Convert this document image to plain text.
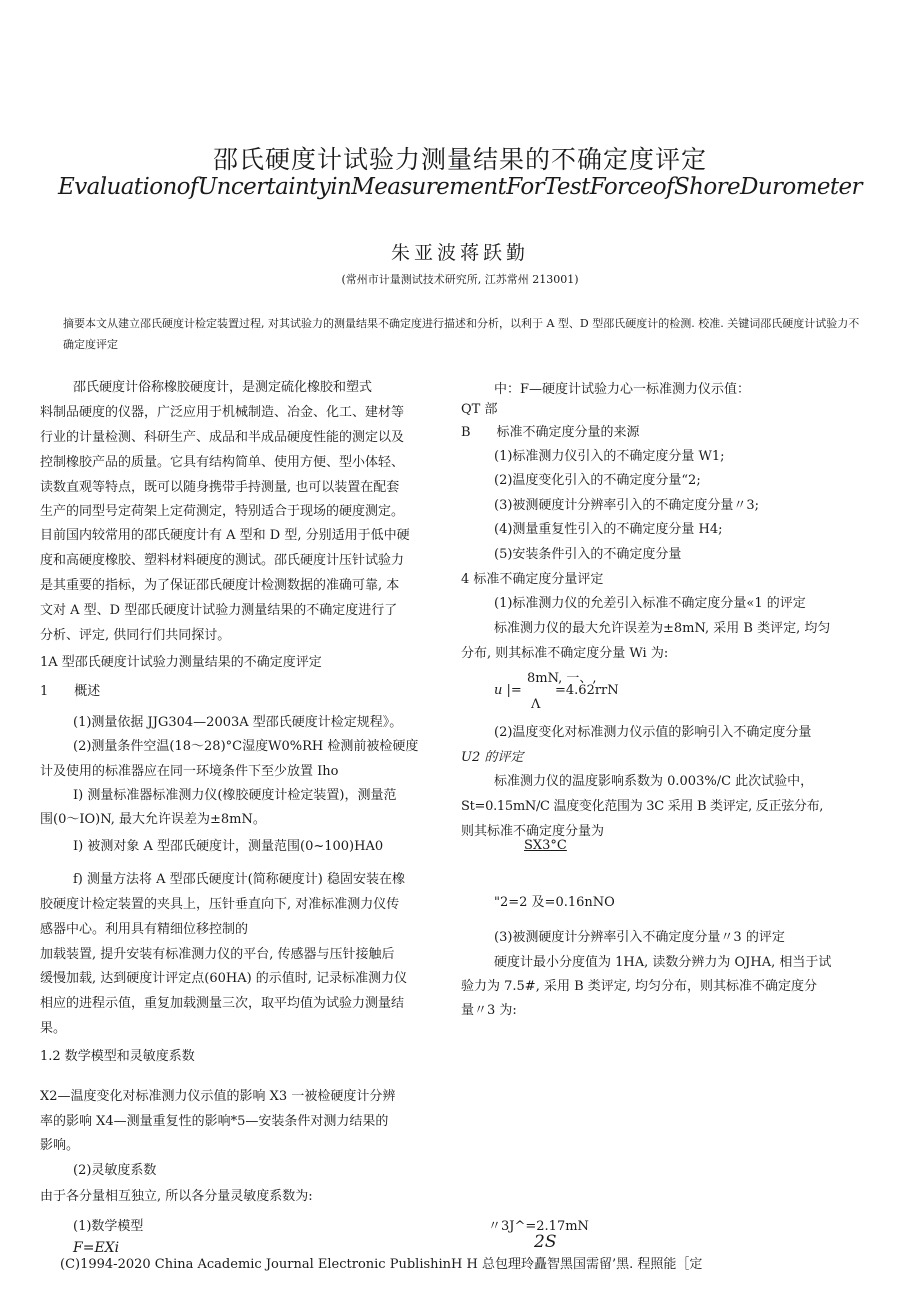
邵氏硬度计试验力测量结果的不确定度评定
EvaluationofUncertaintyinMeasurementForTestForceofShoreDurometer
朱亚波蒋跃勤
(常州市计量测试技术研究所, 江苏常州 213001)
摘要本文从建立邵氏硬度计检定装置过程, 对其试验力的测量结果不确定度进行描述和分析，以利于 A 型、D 型邵氏硬度计的检测. 校准. 关键词邵氏硬度计试验力不确定度评定
邵氏硬度计俗称橡胶硬度计，是测定硫化橡胶和塑式
料制品硬度的仪器，广泛应用于机械制造、冶金、化工、建材等
行业的计量检测、科研生产、成品和半成品硬度性能的测定以及
控制橡胶产品的质量。它具有结构简单、使用方便、型小体轻、
读数直观等特点，既可以随身携带手持测量, 也可以装置在配套
生产的同型号定荷架上定荷测定，特别适合于现场的硬度测定。
目前国内较常用的邵氏硬度计有 A 型和 D 型, 分别适用于低中硬
度和高硬度橡胶、塑料材料硬度的测试。邵氏硬度计压针试验力
是其重要的指标，为了保证邵氏硬度计检测数据的准确可靠, 本
文对 A 型、D 型邵氏硬度计试验力测量结果的不确定度进行了
分析、评定, 供同行们共同探讨。
1A 型邵氏硬度计试验力测量结果的不确定度评定
1　　概述
(1)测量依据 JJG304—2003A 型邵氏硬度计检定规程》。
(2)测量条件空温(18～28)°C湿度W0%RH 检测前被检硬度
计及使用的标准器应在同一环境条件下至少放置 Iho
I) 测量标准器标准测力仪(橡胶硬度计检定装置)，测量范
围(0～IO)N, 最大允许误差为±8mN。
I) 被测对象 A 型邵氏硬度计，测量范围(0~100)HA0
f) 测量方法将 A 型邵氏硬度计(简称硬度计) 稳固安装在橡
胶硬度计检定装置的夹具上，压针垂直向下, 对准标准测力仪传
感器中心。利用具有精细位移控制的
加载装置, 提升安装有标准测力仪的平台, 传感器与压针接触后
缓慢加载, 达到硬度计评定点(60HA) 的示值时, 记录标准测力仪
相应的进程示值，重复加载测量三次，取平均值为试验力测量结
果。
1.2 数学模型和灵敏度系数
X2—温度变化对标准测力仪示值的影响 X3 一被检硬度计分辨
率的影响 X4—测量重复性的影响*5—安装条件对测力结果的
影响。
(2)灵敏度系数
由于各分量相互独立, 所以各分量灵敏度系数为:
(1)数学模型
F=EXi
中：F—硬度计试验力心一标准测力仪示值：
QT 部
B　　标准不确定度分量的来源
(1)标准测力仪引入的不确定度分量 W1;
(2)温度变化引入的不确定度分量“2;
(3)被测硬度计分辨率引入的不确定度分量〃3;
(4)测量重复性引入的不确定度分量 H4;
(5)安装条件引入的不确定度分量
4 标准不确定度分量评定
(1)标准测力仪的允差引入标准不确定度分量«1 的评定
标准测力仪的最大允许误差为±8mN, 采用 B 类评定, 均匀
分布, 则其标准不确定度分量 Wi 为:
8mN, 一、,
u |=	=4.62rrN
Λ
(2)温度变化对标准测力仪示值的影响引入不确定度分量
U2 的评定
标准测力仪的温度影响系数为 0.003%/C 此次试验中，
St=0.15mN/C 温度变化范围为 3C 采用 B 类评定, 反正弦分布,
则其标准不确定度分量为
SX3°C
"2=2 及=0.16nNO
(3)被测硬度计分辨率引入不确定度分量〃3 的评定
硬度计最小分度值为 1HA, 读数分辨力为 OJHA, 相当于试
验力为 7.5#, 采用 B 类评定, 均匀分布，则其标准不确定度分
量〃3 为:
〃3J^=2.17mN
2S
(C)1994-2020 China Academic Journal Electronic PublishinH H 总包理玲矗智黑国需留’黑. 程照能［定
